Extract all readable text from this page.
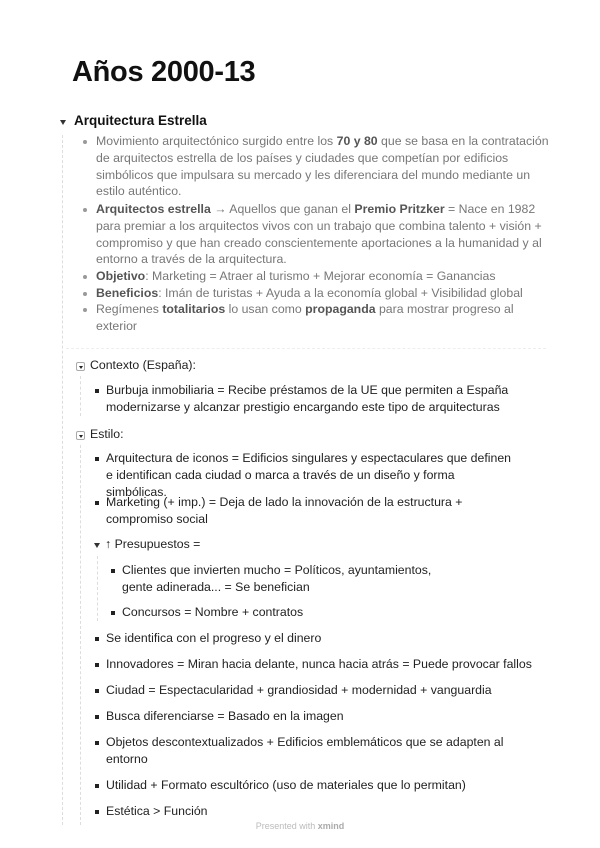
Años 2000-13
Arquitectura Estrella
Movimiento arquitectónico surgido entre los 70 y 80 que se basa en la contratación de arquitectos estrella de los países y ciudades que competían por edificios simbólicos que impulsara su mercado y les diferenciara del mundo mediante un estilo auténtico.
Arquitectos estrella → Aquellos que ganan el Premio Pritzker = Nace en 1982 para premiar a los arquitectos vivos con un trabajo que combina talento + visión + compromiso y que han creado conscientemente aportaciones a la humanidad y al entorno a través de la arquitectura.
Objetivo: Marketing = Atraer al turismo + Mejorar economía = Ganancias
Beneficios: Imán de turistas + Ayuda a la economía global + Visibilidad global
Regímenes totalitarios lo usan como propaganda para mostrar progreso al exterior
Contexto (España):
Estilo:
↑ Presupuestos =
Burbuja inmobiliaria = Recibe préstamos de la UE que permiten a España modernizarse y alcanzar prestigio encargando este tipo de arquitecturas
Arquitectura de iconos = Edificios singulares y espectaculares que definen e identifican cada ciudad o marca a través de un diseño y forma simbólicas.
Marketing (+ imp.) = Deja de lado la innovación de la estructura + compromiso social
Clientes que invierten mucho = Políticos, ayuntamientos, gente adinerada... = Se benefician
Concursos = Nombre + contratos
Se identifica con el progreso y el dinero
Innovadores = Miran hacia delante, nunca hacia atrás = Puede provocar fallos
Ciudad = Espectacularidad + grandiosidad + modernidad + vanguardia
Busca diferenciarse = Basado en la imagen
Objetos descontextualizados + Edificios emblemáticos que se adapten al entorno
Utilidad + Formato escultórico (uso de materiales que lo permitan)
Estética > Función
Presented with xmind
